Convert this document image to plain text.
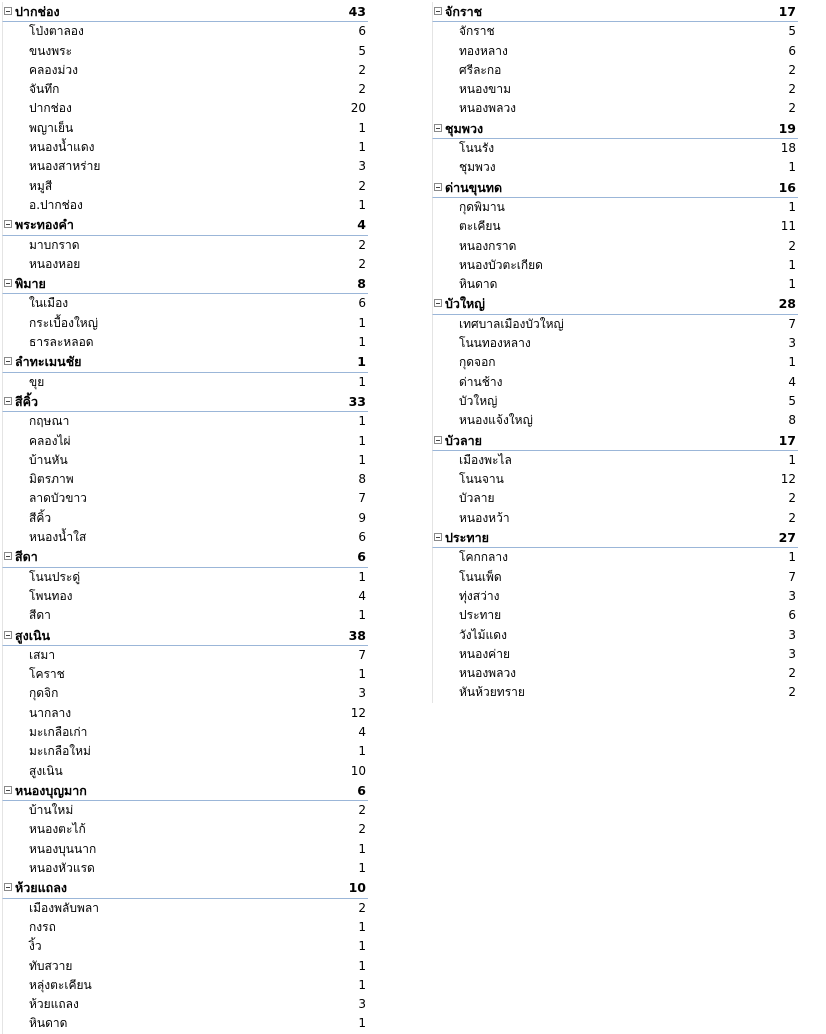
ปากช่อง	43
โป่งตาลอง	6
ขนงพระ	5
คลองม่วง	2
จันทึก	2
ปากช่อง	20
พญาเย็น	1
หนองน้ำแดง	1
หนองสาหร่าย	3
หมูสี	2
อ.ปากช่อง	1
พระทองคำ	4
มาบกราด	2
หนองหอย	2
พิมาย	8
ในเมือง	6
กระเบื้องใหญ่	1
ธารละหลอด	1
ลำทะเมนชัย	1
ขุย	1
สีคิ้ว	33
กฤษณา	1
คลองไผ่	1
บ้านหัน	1
มิตรภาพ	8
ลาดบัวขาว	7
สีคิ้ว	9
หนองน้ำใส	6
สีดา	6
โนนประดู่	1
โพนทอง	4
สีดา	1
สูงเนิน	38
เสมา	7
โคราช	1
กุดจิก	3
นากลาง	12
มะเกลือเก่า	4
มะเกลือใหม่	1
สูงเนิน	10
หนองบุญมาก	6
บ้านใหม่	2
หนองตะไก้	2
หนองบุนนาก	1
หนองหัวแรด	1
ห้วยแถลง	10
เมืองพลับพลา	2
กงรถ	1
งิ้ว	1
ทับสวาย	1
หลุ่งตะเคียน	1
ห้วยแถลง	3
หินดาด	1
จักราช	17
จักราช	5
ทองหลาง	6
ศรีละกอ	2
หนองขาม	2
หนองพลวง	2
ชุมพวง	19
โนนรัง	18
ชุมพวง	1
ด่านขุนทด	16
กุดพิมาน	1
ตะเคียน	11
หนองกราด	2
หนองบัวตะเกียด	1
หินดาด	1
บัวใหญ่	28
เทศบาลเมืองบัวใหญ่	7
โนนทองหลาง	3
กุดจอก	1
ด่านช้าง	4
บัวใหญ่	5
หนองแจ้งใหญ่	8
บัวลาย	17
เมืองพะไล	1
โนนจาน	12
บัวลาย	2
หนองหว้า	2
ประทาย	27
โคกกลาง	1
โนนเพ็ด	7
ทุ่งสว่าง	3
ประทาย	6
วังไม้แดง	3
หนองค่าย	3
หนองพลวง	2
หันห้วยทราย	2
